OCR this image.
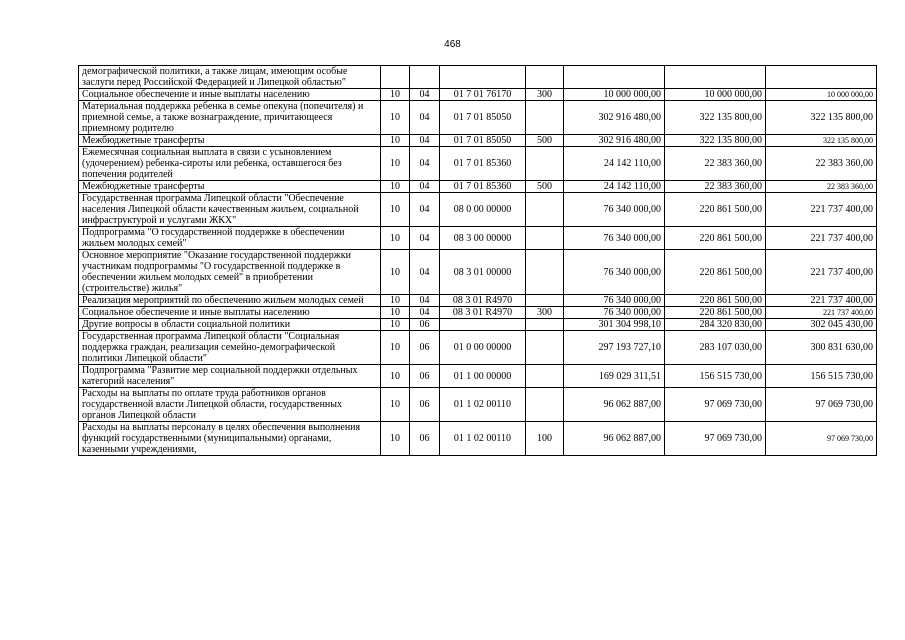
468
демографической политики, а также лицам, имеющим особые заслуги перед Российской Федерацией и Липецкой областью"							
Социальное обеспечение и иные выплаты населению	10	04	01 7 01 76170	300	10 000 000,00	10 000 000,00	10 000 000,00
Материальная поддержка ребенка в семье опекуна (попечителя) и приемной семье, а также вознаграждение, причитающееся приемному родителю	10	04	01 7 01 85050		302 916 480,00	322 135 800,00	322 135 800,00
Межбюджетные трансферты	10	04	01 7 01 85050	500	302 916 480,00	322 135 800,00	322 135 800,00
Ежемесячная социальная выплата в связи с усыновлением (удочерением) ребенка-сироты или ребенка, оставшегося без попечения родителей	10	04	01 7 01 85360		24 142 110,00	22 383 360,00	22 383 360,00
Межбюджетные трансферты	10	04	01 7 01 85360	500	24 142 110,00	22 383 360,00	22 383 360,00
Государственная программа Липецкой области "Обеспечение населения Липецкой области качественным жильем, социальной инфраструктурой и услугами ЖКХ"	10	04	08 0 00 00000		76 340 000,00	220 861 500,00	221 737 400,00
Подпрограмма "О государственной поддержке в обеспечении жильем молодых семей"	10	04	08 3 00 00000		76 340 000,00	220 861 500,00	221 737 400,00
Основное мероприятие "Оказание государственной поддержки участникам подпрограммы "О государственной поддержке в обеспечении жильем молодых семей" в приобретении (строительстве) жилья"	10	04	08 3 01 00000		76 340 000,00	220 861 500,00	221 737 400,00
Реализация мероприятий по обеспечению жильем молодых семей	10	04	08 3 01 R4970		76 340 000,00	220 861 500,00	221 737 400,00
Социальное обеспечение и иные выплаты населению	10	04	08 3 01 R4970	300	76 340 000,00	220 861 500,00	221 737 400,00
Другие вопросы в области социальной политики	10	06			301 304 998,10	284 320 830,00	302 045 430,00
Государственная программа Липецкой области "Социальная поддержка граждан, реализация семейно-демографической политики Липецкой области"	10	06	01 0 00 00000		297 193 727,10	283 107 030,00	300 831 630,00
Подпрограмма "Развитие мер социальной поддержки отдельных категорий населения"	10	06	01 1 00 00000		169 029 311,51	156 515 730,00	156 515 730,00
Расходы на выплаты по оплате труда работников органов государственной власти Липецкой области, государственных органов Липецкой области	10	06	01 1 02 00110		96 062 887,00	97 069 730,00	97 069 730,00
Расходы на выплаты персоналу в целях обеспечения выполнения функций государственными (муниципальными) органами, казенными учреждениями,	10	06	01 1 02 00110	100	96 062 887,00	97 069 730,00	97 069 730,00
